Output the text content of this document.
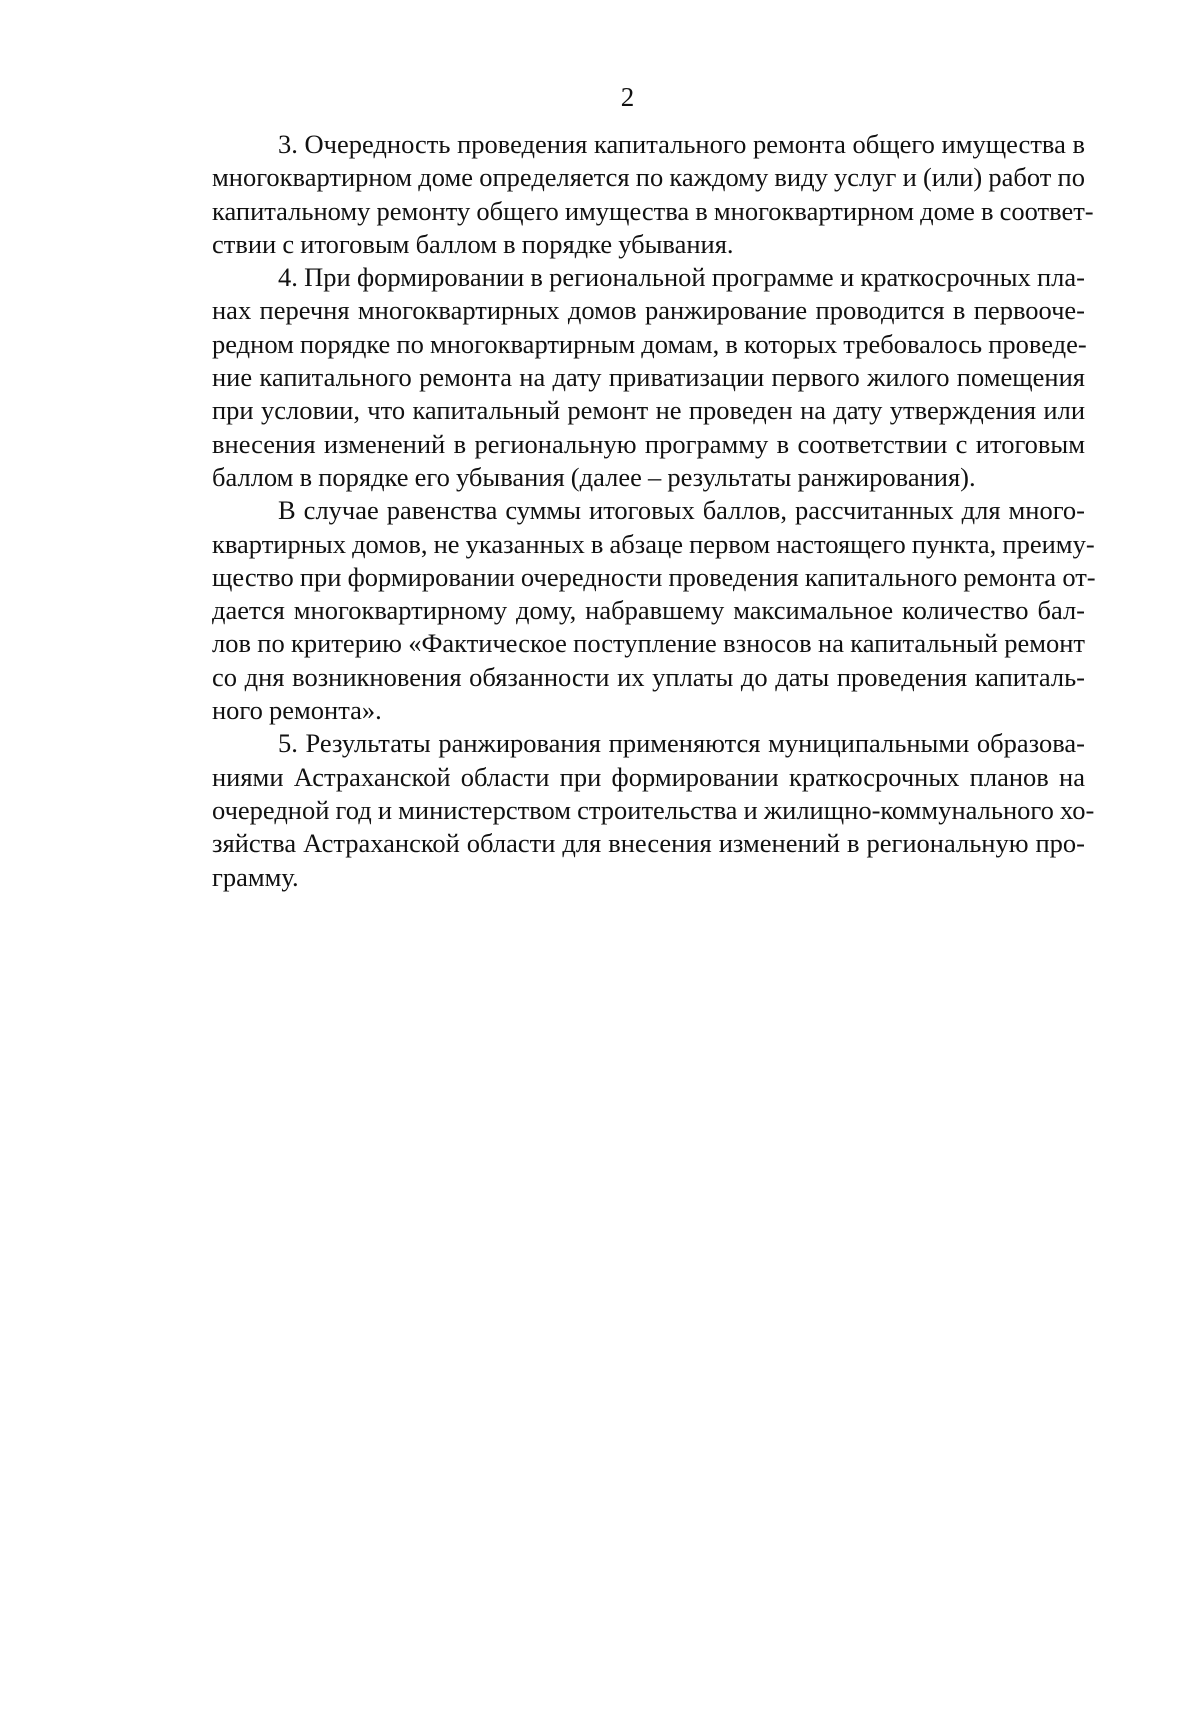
2

3. Очередность проведения капитального ремонта общего имущества в
многоквартирном доме определяется по каждому виду услуг и (или) работ по
капитальному ремонту общего имущества в многоквартирном доме в соответ-
ствии с итоговым баллом в порядке убывания.

4. При формировании в региональной программе и краткосрочных пла-
нах перечня многоквартирных домов ранжирование проводится в первооче-
редном порядке по многоквартирным домам, в которых требовалось проведе-
ние капитального ремонта на дату приватизации первого жилого помещения
при условии, что капитальный ремонт не проведен на дату утверждения или
внесения изменений в региональную программу в соответствии с итоговым
баллом в порядке его убывания (далее – результаты ранжирования).

В случае равенства суммы итоговых баллов, рассчитанных для много-
квартирных домов, не указанных в абзаце первом настоящего пункта, преиму-
щество при формировании очередности проведения капитального ремонта от-
дается многоквартирному дому, набравшему максимальное количество бал-
лов по критерию «Фактическое поступление взносов на капитальный ремонт
со дня возникновения обязанности их уплаты до даты проведения капиталь-
ного ремонта».

5. Результаты ранжирования применяются муниципальными образова-
ниями Астраханской области при формировании краткосрочных планов на
очередной год и министерством строительства и жилищно-коммунального хо-
зяйства Астраханской области для внесения изменений в региональную про-
грамму.
